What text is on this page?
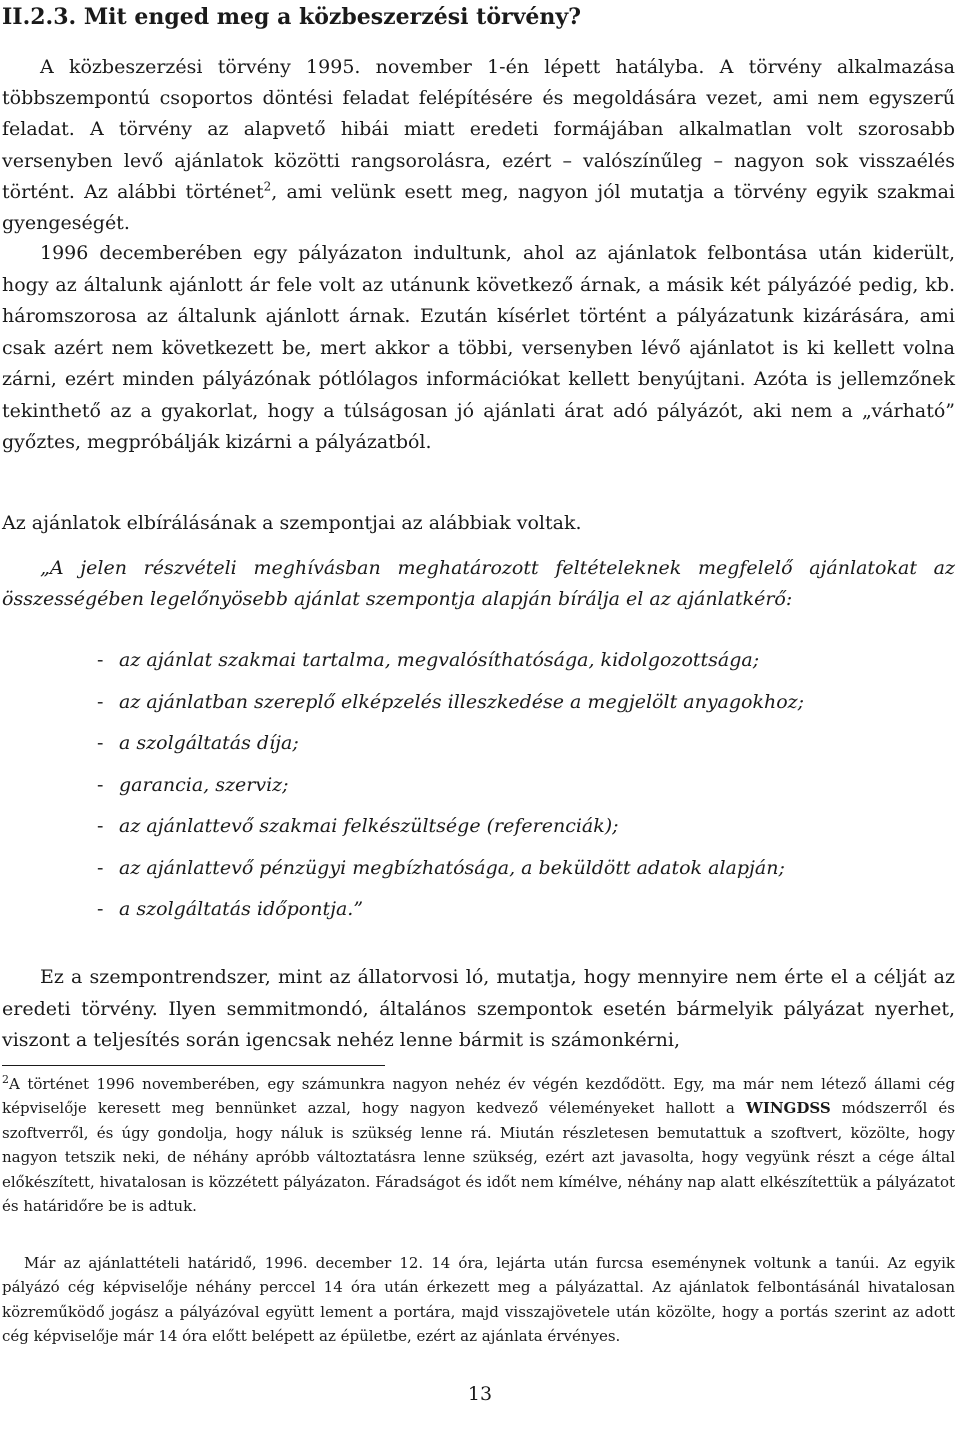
II.2.3. Mit enged meg a közbeszerzési törvény?
A közbeszerzési törvény 1995. november 1-én lépett hatályba. A törvény alkalmazása többszempontú csoportos döntési feladat felépítésére és megoldására vezet, ami nem egyszerű feladat. A törvény az alapvető hibái miatt eredeti formájában alkalmatlan volt szorosabb versenyben levő ajánlatok közötti rangsorolásra, ezért – valószínűleg – nagyon sok visszaélés történt. Az alábbi történet$^2$, ami velünk esett meg, nagyon jól mutatja a törvény egyik szakmai gyengeségét.
1996 decemberében egy pályázaton indultunk, ahol az ajánlatok felbontása után kiderült, hogy az általunk ajánlott ár fele volt az utánunk következő árnak, a másik két pályázóé pedig, kb. háromszorosa az általunk ajánlott árnak. Ezután kísérlet történt a pályázatunk kizárására, ami csak azért nem következett be, mert akkor a többi, versenyben lévő ajánlatot is ki kellett volna zárni, ezért minden pályázónak pótlólagos információkat kellett benyújtani. Azóta is jellemzőnek tekinthető az a gyakorlat, hogy a túlságosan jó ajánlati árat adó pályázót, aki nem a „várható” győztes, megpróbálják kizárni a pályázatból.
Az ajánlatok elbírálásának a szempontjai az alábbiak voltak.
„A jelen részvételi meghívásban meghatározott feltételeknek megfelelő ajánlatokat az összességében legelőnyösebb ajánlat szempontja alapján bírálja el az ajánlatkérő:
- az ajánlat szakmai tartalma, megvalósíthatósága, kidolgozottsága;
- az ajánlatban szereplő elképzelés illeszkedése a megjelölt anyagokhoz;
- a szolgáltatás díja;
- garancia, szerviz;
- az ajánlattevő szakmai felkészültsége (referenciák);
- az ajánlattevő pénzügyi megbízhatósága, a beküldött adatok alapján;
- a szolgáltatás időpontja.”
Ez a szempontrendszer, mint az állatorvosi ló, mutatja, hogy mennyire nem érte el a célját az eredeti törvény. Ilyen semmitmondó, általános szempontok esetén bármelyik pályázat nyerhet, viszont a teljesítés során igencsak nehéz lenne bármit is számonkérni,
$^2$A történet 1996 novemberében, egy számunkra nagyon nehéz év végén kezdődött. Egy, ma már nem létező állami cég képviselője keresett meg bennünket azzal, hogy nagyon kedvező véleményeket hallott a WINGDSS módszerről és szoftverről, és úgy gondolja, hogy náluk is szükség lenne rá. Miután részletesen bemutattuk a szoftvert, közölte, hogy nagyon tetszik neki, de néhány apróbb változtatásra lenne szükség, ezért azt javasolta, hogy vegyünk részt a cége által előkészített, hivatalosan is közzétett pályázaton. Fáradságot és időt nem kímélve, néhány nap alatt elkészítettük a pályázatot és határidőre be is adtuk.
Már az ajánlattételi határidő, 1996. december 12. 14 óra, lejárta után furcsa eseménynek voltunk a tanúi. Az egyik pályázó cég képviselője néhány perccel 14 óra után érkezett meg a pályázattal. Az ajánlatok felbontásánál hivatalosan közreműködő jogász a pályázóval együtt lement a portára, majd visszajövetele után közölte, hogy a portás szerint az adott cég képviselője már 14 óra előtt belépett az épületbe, ezért az ajánlata érvényes.
13
